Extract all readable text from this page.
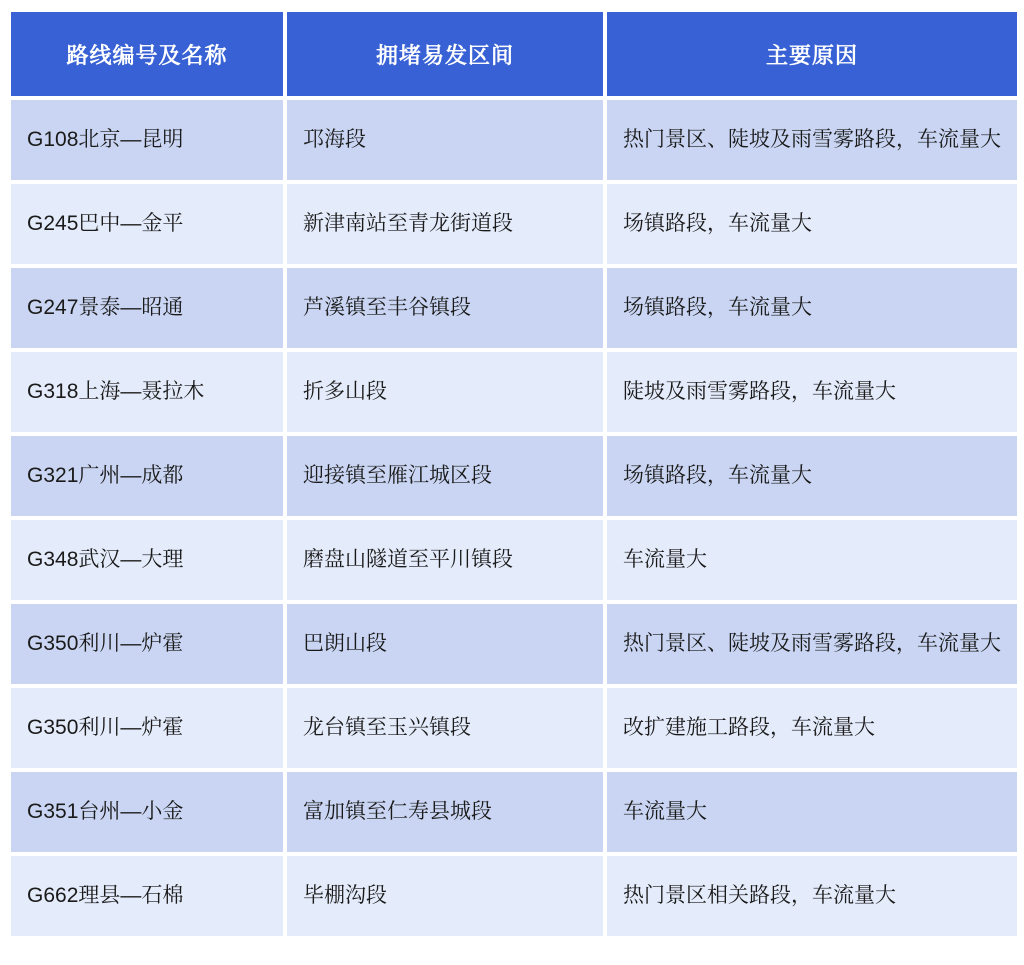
路线编号及名称	拥堵易发区间	主要原因
G108北京—昆明	邛海段	热门景区、陡坡及雨雪雾路段，车流量大
G245巴中—金平	新津南站至青龙街道段	场镇路段，车流量大
G247景泰—昭通	芦溪镇至丰谷镇段	场镇路段，车流量大
G318上海—聂拉木	折多山段	陡坡及雨雪雾路段，车流量大
G321广州—成都	迎接镇至雁江城区段	场镇路段，车流量大
G348武汉—大理	磨盘山隧道至平川镇段	车流量大
G350利川—炉霍	巴朗山段	热门景区、陡坡及雨雪雾路段，车流量大
G350利川—炉霍	龙台镇至玉兴镇段	改扩建施工路段，车流量大
G351台州—小金	富加镇至仁寿县城段	车流量大
G662理县—石棉	毕棚沟段	热门景区相关路段，车流量大
